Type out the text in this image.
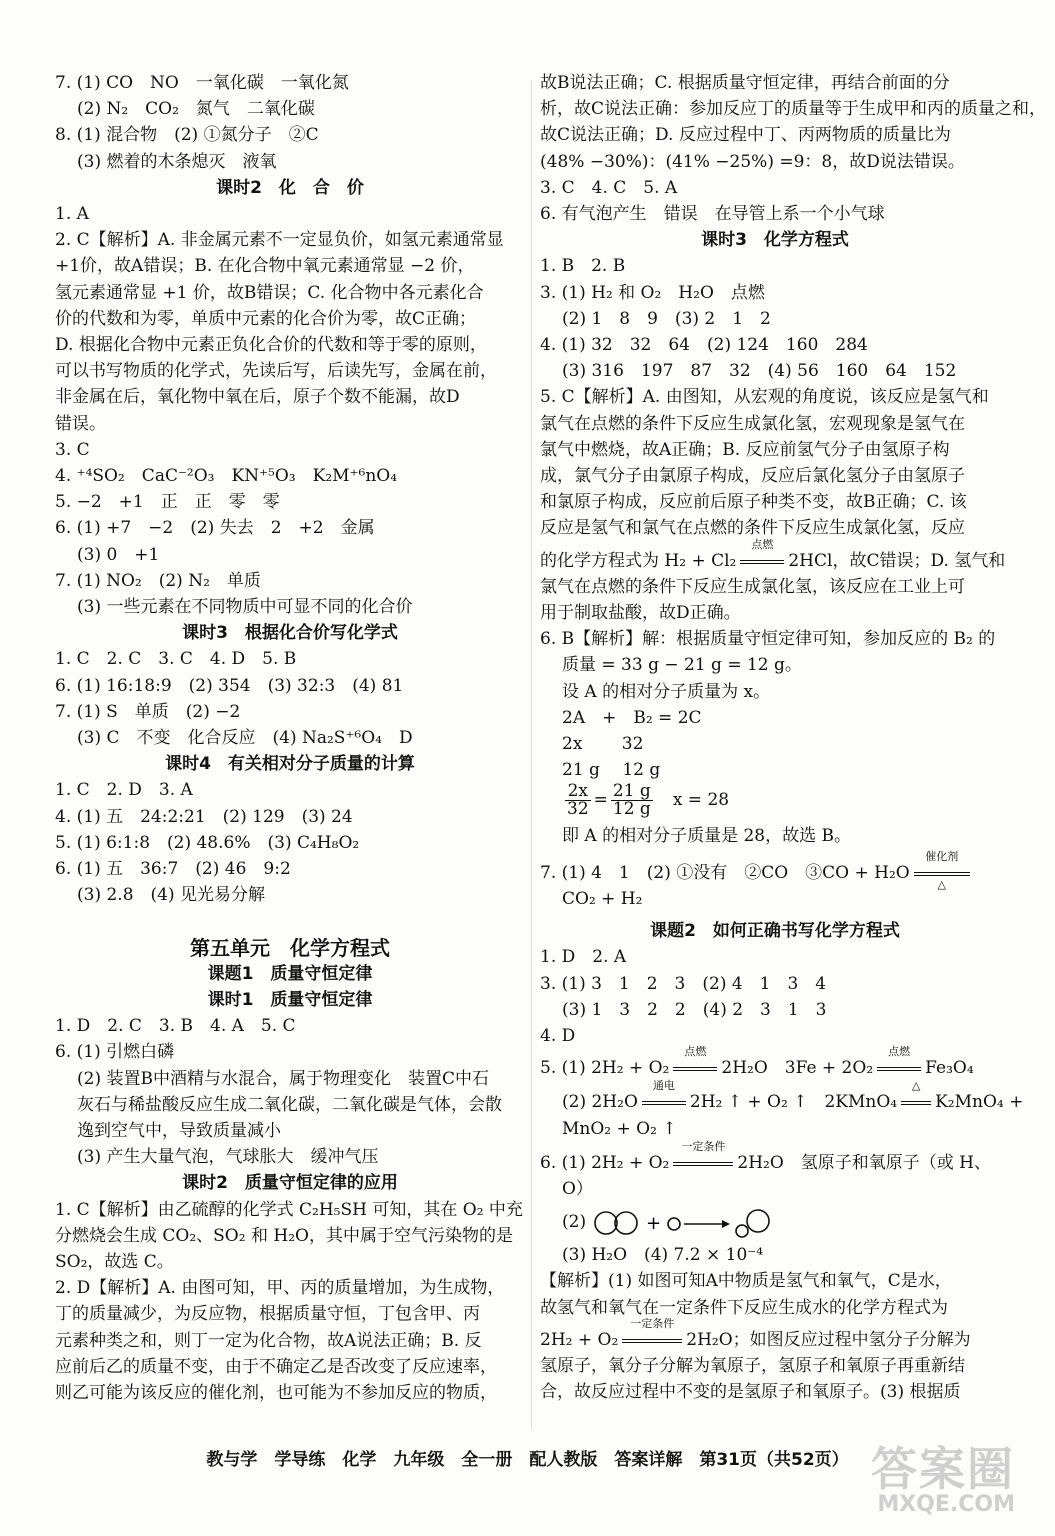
7. (1) CO　NO　一氧化碳　一氧化氮
(2) N₂　CO₂　氮气　二氧化碳
8. (1) 混合物　(2) ①氮分子　②C
(3) 燃着的木条熄灭　液氧
课时2　化　合　价
1. A
2. C【解析】A. 非金属元素不一定显负价，如氢元素通常显
+1价，故A错误；B. 在化合物中氧元素通常显 −2 价，
氢元素通常显 +1 价，故B错误；C. 化合物中各元素化合
价的代数和为零，单质中元素的化合价为零，故C正确；
D. 根据化合物中元素正负化合价的代数和等于零的原则，
可以书写物质的化学式，先读后写，后读先写，金属在前，
非金属在后，氧化物中氧在后，原子个数不能漏，故D
错误。
3. C
4. ⁺⁴SO₂　CaC⁻²O₃　KN⁺⁵O₃　K₂M⁺⁶nO₄
5. −2　+1　正　正　零　零
6. (1) +7　−2　(2) 失去　2　+2　金属
(3) 0　+1
7. (1) NO₂　(2) N₂　单质
(3) 一些元素在不同物质中可显不同的化合价
课时3　根据化合价写化学式
1. C　2. C　3. C　4. D　5. B
6. (1) 16:18:9　(2) 354　(3) 32:3　(4) 81
7. (1) S　单质　(2) −2
(3) C　不变　化合反应　(4) Na₂S⁺⁶O₄　D
课时4　有关相对分子质量的计算
1. C　2. D　3. A
4. (1) 五　24:2:21　(2) 129　(3) 24
5. (1) 6:1:8　(2) 48.6%　(3) C₄H₈O₂
6. (1) 五　36:7　(2) 46　9:2
(3) 2.8　(4) 见光易分解
第五单元　化学方程式
课题1　质量守恒定律
课时1　质量守恒定律
1. D　2. C　3. B　4. A　5. C
6. (1) 引燃白磷
(2) 装置B中酒精与水混合，属于物理变化　装置C中石
灰石与稀盐酸反应生成二氧化碳，二氧化碳是气体，会散
逸到空气中，导致质量减小
(3) 产生大量气泡，气球胀大　缓冲气压
课时2　质量守恒定律的应用
1. C【解析】由乙硫醇的化学式 C₂H₅SH 可知，其在 O₂ 中充
分燃烧会生成 CO₂、SO₂ 和 H₂O，其中属于空气污染物的是
SO₂，故选 C。
2. D【解析】A. 由图可知，甲、丙的质量增加，为生成物，
丁的质量减少，为反应物，根据质量守恒，丁包含甲、丙
元素种类之和，则丁一定为化合物，故A说法正确；B. 反
应前后乙的质量不变，由于不确定乙是否改变了反应速率，
则乙可能为该反应的催化剂，也可能为不参加反应的物质，
故B说法正确；C. 根据质量守恒定律，再结合前面的分
析，故C说法正确：参加反应丁的质量等于生成甲和丙的质量之和，
故C说法正确；D. 反应过程中丁、丙两物质的质量比为
(48% −30%)：(41% −25%) =9：8，故D说法错误。
3. C　4. C　5. A
6. 有气泡产生　错误　在导管上系一个小气球
课时3　化学方程式
1. B　2. B
3. (1) H₂ 和 O₂　H₂O　点燃
(2) 1　8　9　(3) 2　1　2
4. (1) 32　32　64　(2) 124　160　284
(3) 316　197　87　32　(4) 56　160　64　152
5. C【解析】A. 由图知，从宏观的角度说，该反应是氢气和
氯气在点燃的条件下反应生成氯化氢，宏观现象是氢气在
氯气中燃烧，故A正确；B. 反应前氢气分子由氢原子构
成，氯气分子由氯原子构成，反应后氯化氢分子由氢原子
和氯原子构成，反应前后原子种类不变，故B正确；C. 该
反应是氢气和氯气在点燃的条件下反应生成氯化氢，反应
的化学方程式为 H₂ + Cl₂
点燃
2HCl，故C错误；D. 氢气和
氯气在点燃的条件下反应生成氯化氢，该反应在工业上可
用于制取盐酸，故D正确。
6. B【解析】解：根据质量守恒定律可知，参加反应的 B₂ 的
质量 = 33 g − 21 g = 12 g。
设 A 的相对分子质量为 x。
2A　+　B₂ = 2C
2x　　 32
21 g　 12 g
$\frac{2x}{32} = \frac{21 g}{12 g}$
　 x = 28
即 A 的相对分子质量是 28，故选 B。
7. (1) 4　1　(2) ①没有　②CO　③CO + H₂O
催化剂
△
CO₂ + H₂
课题2　如何正确书写化学方程式
1. D　2. A
3. (1) 3　1　2　3　(2) 4　1　3　4
(3) 1　3　2　2　(4) 2　3　1　3
4. D
5. (1) 2H₂ + O₂
点燃
2H₂O　3Fe + 2O₂
点燃
Fe₃O₄
(2) 2H₂O
通电
2H₂ ↑ + O₂ ↑　2KMnO₄
△
K₂MnO₄ +
MnO₂ + O₂ ↑
6. (1) 2H₂ + O₂
一定条件
2H₂O　氢原子和氧原子（或 H、
O）
(2)	+
(3) H₂O　(4) 7.2 × 10⁻⁴
【解析】(1) 如图可知A中物质是氢气和氧气，C是水，
故氢气和氧气在一定条件下反应生成水的化学方程式为
2H₂ + O₂
一定条件
2H₂O；如图反应过程中氢分子分解为
氢原子，氧分子分解为氧原子，氢原子和氧原子再重新结
合，故反应过程中不变的是氢原子和氧原子。(3) 根据质
教与学　学导练　化学　九年级　全一册　配人教版　答案详解　第31页（共52页） 答案圈
MXQE.COM
